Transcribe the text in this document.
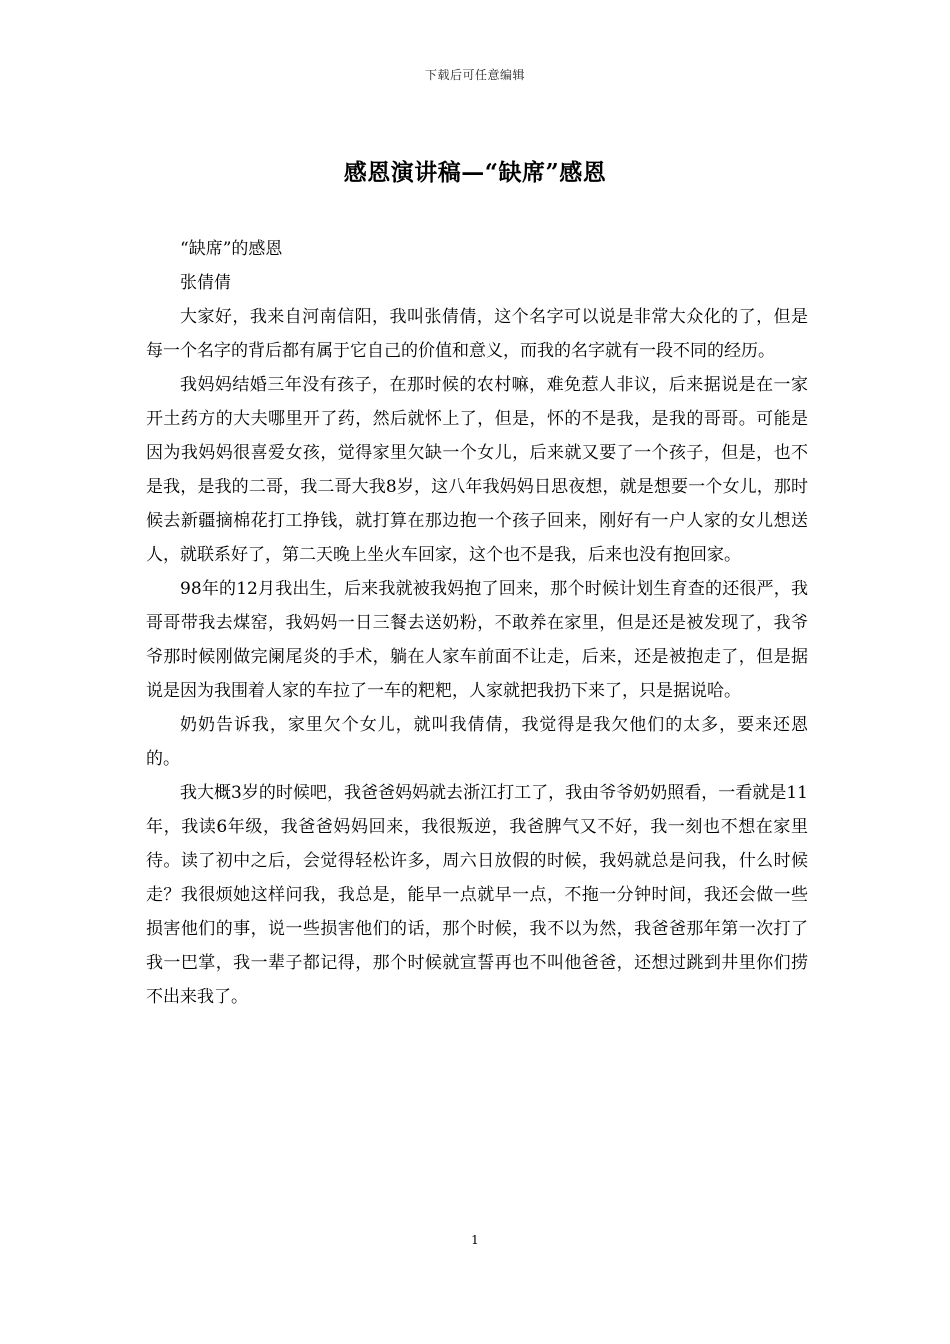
下载后可任意编辑
感恩演讲稿—“缺席”感恩

“缺席”的感恩

张倩倩

大家好，我来自河南信阳，我叫张倩倩，这个名字可以说是非常大众化的了，但是每一个名字的背后都有属于它自己的价值和意义，而我的名字就有一段不同的经历。

我妈妈结婚三年没有孩子，在那时候的农村嘛，难免惹人非议，后来据说是在一家开土药方的大夫哪里开了药，然后就怀上了，但是，怀的不是我，是我的哥哥。可能是因为我妈妈很喜爱女孩，觉得家里欠缺一个女儿，后来就又要了一个孩子，但是，也不是我，是我的二哥，我二哥大我8岁，这八年我妈妈日思夜想，就是想要一个女儿，那时候去新疆摘棉花打工挣钱，就打算在那边抱一个孩子回来，刚好有一户人家的女儿想送人，就联系好了，第二天晚上坐火车回家，这个也不是我，后来也没有抱回家。

98年的12月我出生，后来我就被我妈抱了回来，那个时候计划生育查的还很严，我哥哥带我去煤窑，我妈妈一日三餐去送奶粉，不敢养在家里，但是还是被发现了，我爷爷那时候刚做完阑尾炎的手术，躺在人家车前面不让走，后来，还是被抱走了，但是据说是因为我围着人家的车拉了一车的粑粑，人家就把我扔下来了，只是据说哈。

奶奶告诉我，家里欠个女儿，就叫我倩倩，我觉得是我欠他们的太多，要来还恩的。

我大概3岁的时候吧，我爸爸妈妈就去浙江打工了，我由爷爷奶奶照看，一看就是11年，我读6年级，我爸爸妈妈回来，我很叛逆，我爸脾气又不好，我一刻也不想在家里待。读了初中之后，会觉得轻松许多，周六日放假的时候，我妈就总是问我，什么时候走？我很烦她这样问我，我总是，能早一点就早一点，不拖一分钟时间，我还会做一些损害他们的事，说一些损害他们的话，那个时候，我不以为然，我爸爸那年第一次打了我一巴掌，我一辈子都记得，那个时候就宣誓再也不叫他爸爸，还想过跳到井里你们捞不出来我了。

1
